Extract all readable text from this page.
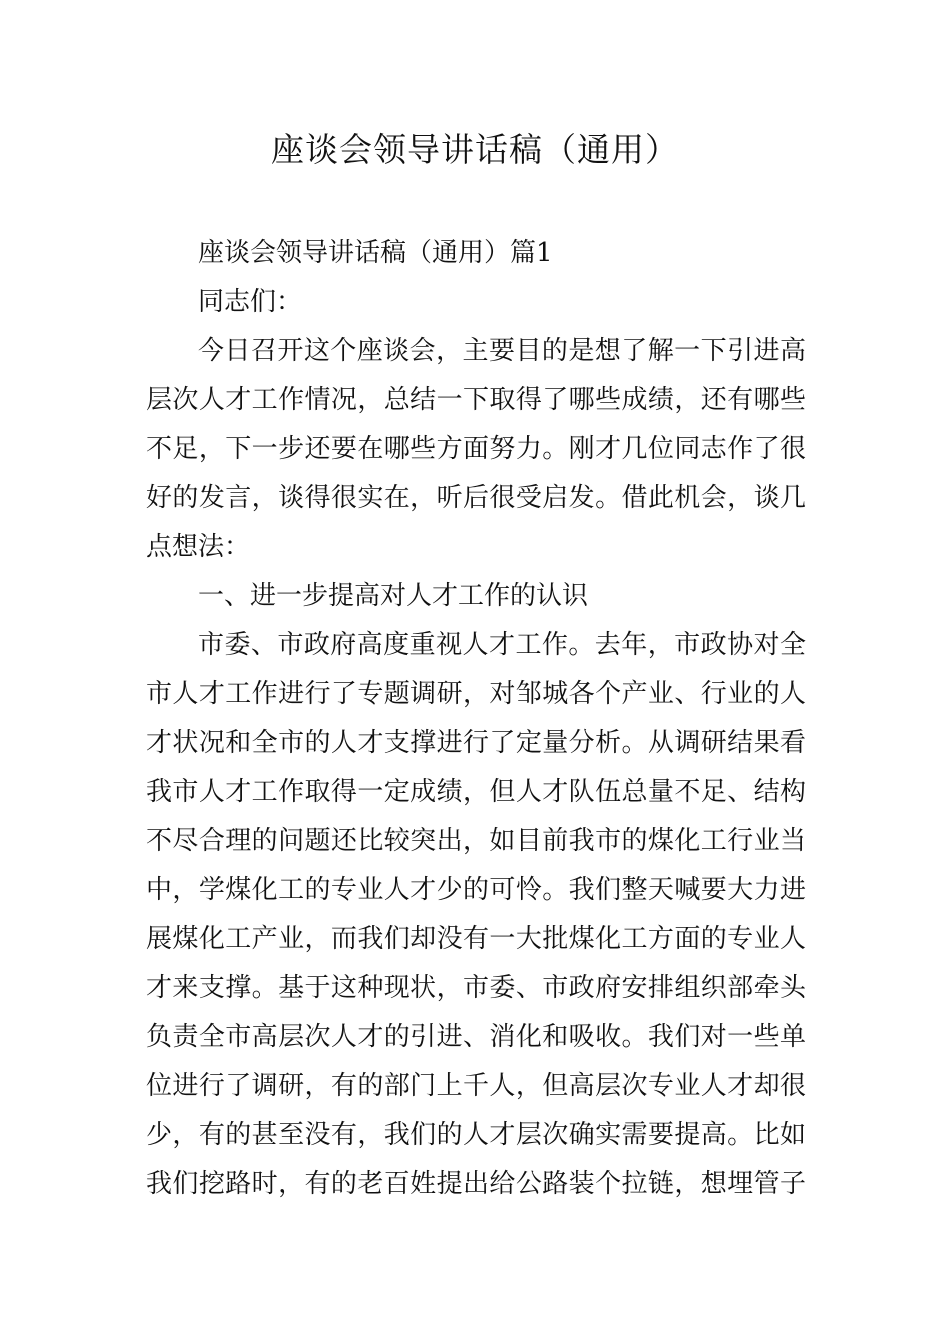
座谈会领导讲话稿（通用）
座谈会领导讲话稿（通用）篇1
同志们：
今日召开这个座谈会，主要目的是想了解一下引进高
层次人才工作情况，总结一下取得了哪些成绩，还有哪些
不足，下一步还要在哪些方面努力。刚才几位同志作了很
好的发言，谈得很实在，听后很受启发。借此机会，谈几
点想法：
一、进一步提高对人才工作的认识
市委、市政府高度重视人才工作。去年，市政协对全
市人才工作进行了专题调研，对邹城各个产业、行业的人
才状况和全市的人才支撑进行了定量分析。从调研结果看
我市人才工作取得一定成绩，但人才队伍总量不足、结构
不尽合理的问题还比较突出，如目前我市的煤化工行业当
中，学煤化工的专业人才少的可怜。我们整天喊要大力进
展煤化工产业，而我们却没有一大批煤化工方面的专业人
才来支撑。基于这种现状，市委、市政府安排组织部牵头
负责全市高层次人才的引进、消化和吸收。我们对一些单
位进行了调研，有的部门上千人，但高层次专业人才却很
少，有的甚至没有，我们的人才层次确实需要提高。比如
我们挖路时，有的老百姓提出给公路装个拉链，想埋管子
